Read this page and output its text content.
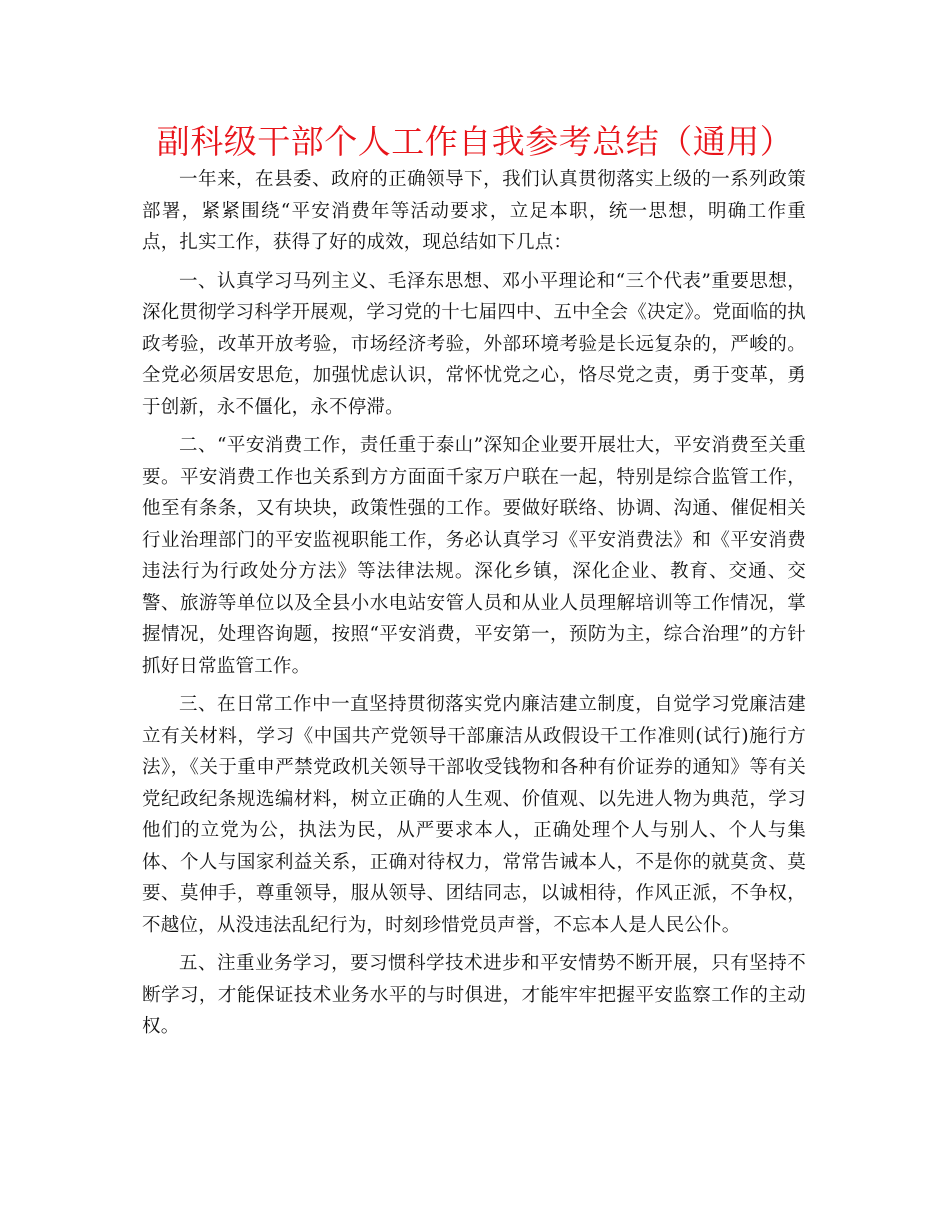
副科级干部个人工作自我参考总结（通用）

一年来，在县委、政府的正确领导下，我们认真贯彻落实上级的一系列政策部署，紧紧围绕“平安消费年等活动要求，立足本职，统一思想，明确工作重点，扎实工作，获得了好的成效，现总结如下几点：

一、认真学习马列主义、毛泽东思想、邓小平理论和“三个代表”重要思想，深化贯彻学习科学开展观，学习党的十七届四中、五中全会《决定》。党面临的执政考验，改革开放考验，市场经济考验，外部环境考验是长远复杂的，严峻的。全党必须居安思危，加强忧虑认识，常怀忧党之心，恪尽党之责，勇于变革，勇于创新，永不僵化，永不停滞。

二、“平安消费工作，责任重于泰山”深知企业要开展壮大，平安消费至关重要。平安消费工作也关系到方方面面千家万户联在一起，特别是综合监管工作，他至有条条，又有块块，政策性强的工作。要做好联络、协调、沟通、催促相关行业治理部门的平安监视职能工作，务必认真学习《平安消费法》和《平安消费违法行为行政处分方法》等法律法规。深化乡镇，深化企业、教育、交通、交警、旅游等单位以及全县小水电站安管人员和从业人员理解培训等工作情况，掌握情况，处理咨询题，按照“平安消费，平安第一，预防为主，综合治理”的方针抓好日常监管工作。

三、在日常工作中一直坚持贯彻落实党内廉洁建立制度，自觉学习党廉洁建立有关材料，学习《中国共产党领导干部廉洁从政假设干工作准则(试行)施行方法》，《关于重申严禁党政机关领导干部收受钱物和各种有价证券的通知》等有关党纪政纪条规选编材料，树立正确的人生观、价值观、以先进人物为典范，学习他们的立党为公，执法为民，从严要求本人，正确处理个人与别人、个人与集体、个人与国家利益关系，正确对待权力，常常告诫本人，不是你的就莫贪、莫要、莫伸手，尊重领导，服从领导、团结同志，以诚相待，作风正派，不争权，不越位，从没违法乱纪行为，时刻珍惜党员声誉，不忘本人是人民公仆。

五、注重业务学习，要习惯科学技术进步和平安情势不断开展，只有坚持不断学习，才能保证技术业务水平的与时俱进，才能牢牢把握平安监察工作的主动权。
